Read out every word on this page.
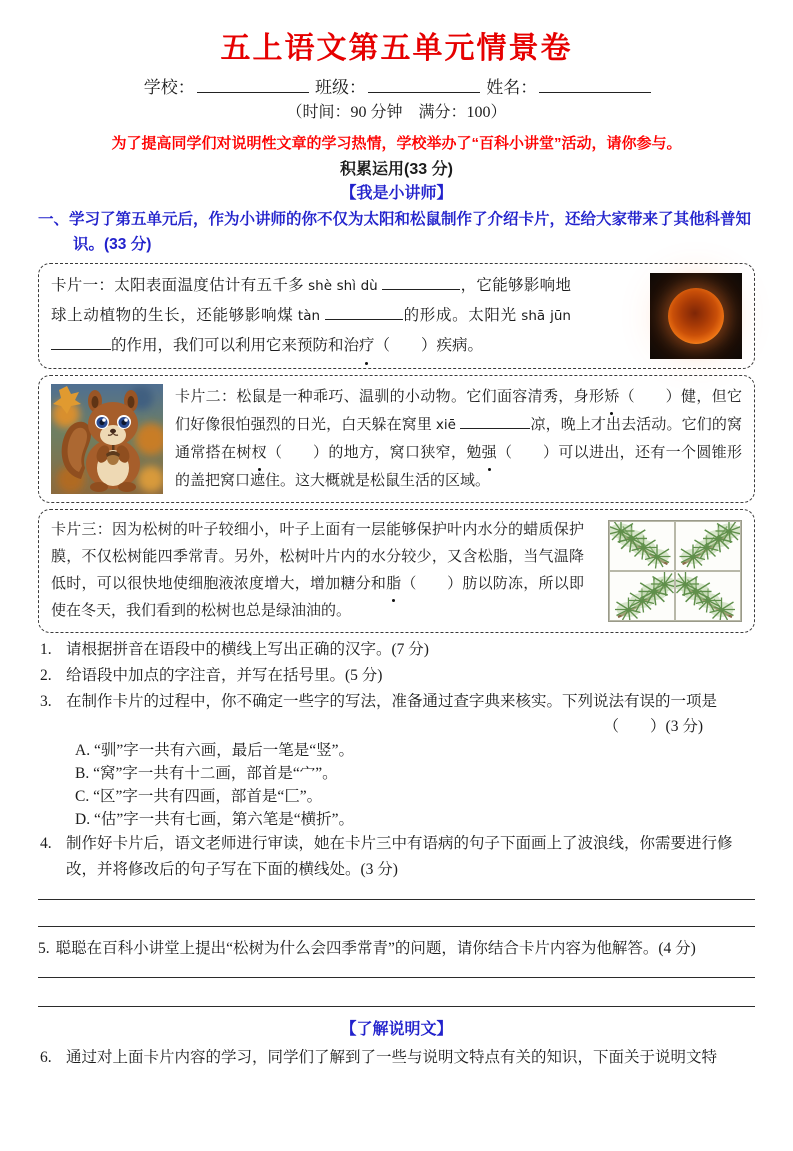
五上语文第五单元情景卷
学校：	班级：	姓名：
（时间：90 分钟　满分：100）
为了提高同学们对说明性文章的学习热情，学校举办了“百科小讲堂”活动，请你参与。
积累运用(33 分)
【我是小讲师】
一、学习了第五单元后，作为小讲师的你不仅为太阳和松鼠制作了介绍卡片，还给大家带来了其他科普知识。(33 分)
卡片一：太阳表面温度估计有五千多 shè shì dù	，它能够影响地球上动植物的生长，还能够影响煤 tàn	的形成。太阳光 shā jūn的作用，我们可以利用它来预防和治疗（　　）疾病。
卡片二：松鼠是一种乖巧、温驯的小动物。它们面容清秀，身形矫（　　）健，但它们好像很怕强烈的日光，白天躲在窝里 xiē	凉，晚上才出去活动。它们的窝通常搭在树杈（　　）的地方，窝口狭窄，勉强（　　）可以进出，还有一个圆锥形的盖把窝口遮住。这大概就是松鼠生活的区域。
卡片三：因为松树的叶子较细小，叶子上面有一层能够保护叶内水分的蜡质保护膜，不仅松树能四季常青。另外，松树叶片内的水分较少，又含松脂，当气温降低时，可以很快地使细胞液浓度增大，增加糖分和脂（　　）肪以防冻，所以即使在冬天，我们看到的松树也总是绿油油的。
1. 请根据拼音在语段中的横线上写出正确的汉字。(7 分)
2. 给语段中加点的字注音，并写在括号里。(5 分)
3. 在制作卡片的过程中，你不确定一些字的写法，准备通过查字典来核实。下列说法有误的一项是
（　　）(3 分)
A. “驯”字一共有六画，最后一笔是“竖”。
B. “窝”字一共有十二画，部首是“宀”。
C. “区”字一共有四画，部首是“匚”。
D. “估”字一共有七画，第六笔是“横折”。
4. 制作好卡片后，语文老师进行审读，她在卡片三中有语病的句子下面画上了波浪线，你需要进行修改，并将修改后的句子写在下面的横线处。(3 分)
5. 聪聪在百科小讲堂上提出“松树为什么会四季常青”的问题，请你结合卡片内容为他解答。(4 分)
【了解说明文】
6. 通过对上面卡片内容的学习，同学们了解到了一些与说明文特点有关的知识，下面关于说明文特
